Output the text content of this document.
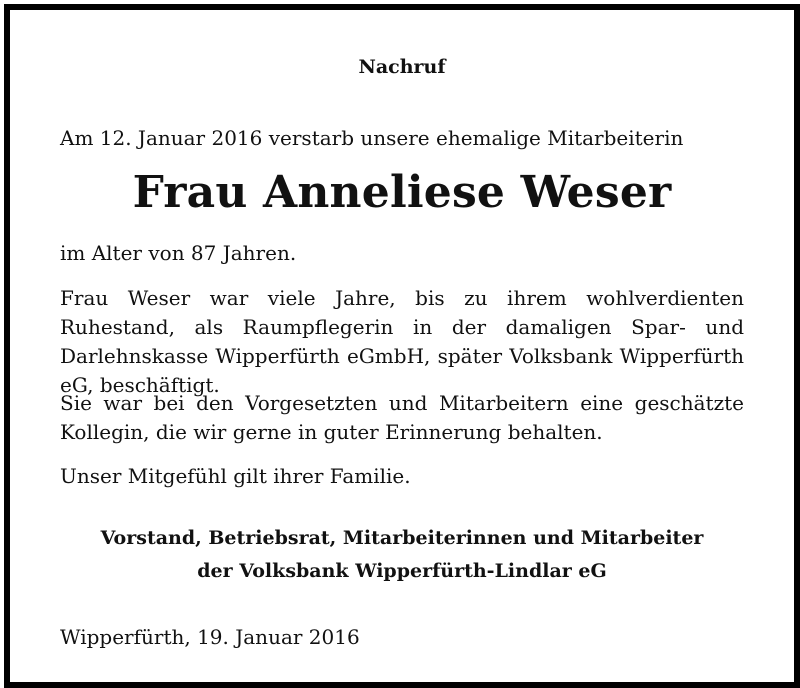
Nachruf
Am 12. Januar 2016 verstarb unsere ehemalige Mitarbeiterin
Frau Anneliese Weser
im Alter von 87 Jahren.
Frau Weser war viele Jahre, bis zu ihrem wohlverdienten Ruhestand, als Raumpflegerin in der damaligen Spar- und Darlehnskasse Wipperfürth eGmbH, später Volksbank Wipperfürth eG, beschäftigt.
Sie war bei den Vorgesetzten und Mitarbeitern eine geschätzte Kollegin, die wir gerne in guter Erinnerung behalten.
Unser Mitgefühl gilt ihrer Familie.
Vorstand, Betriebsrat, Mitarbeiterinnen und Mitarbeiter
der Volksbank Wipperfürth-Lindlar eG
Wipperfürth, 19. Januar 2016
